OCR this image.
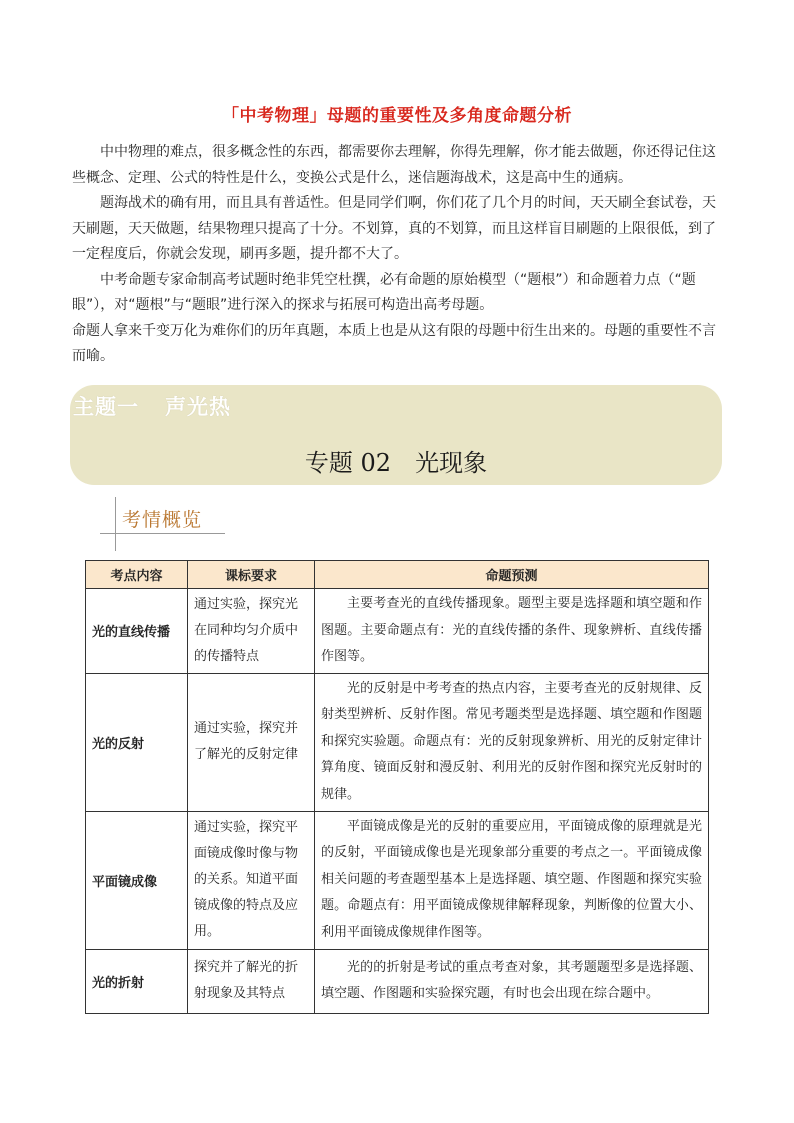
「中考物理」母题的重要性及多角度命题分析

中中物理的难点，很多概念性的东西，都需要你去理解，你得先理解，你才能去做题，你还得记住这些概念、定理、公式的特性是什么，变换公式是什么，迷信题海战术，这是高中生的通病。

题海战术的确有用，而且具有普适性。但是同学们啊，你们花了几个月的时间，天天刷全套试卷，天天刷题，天天做题，结果物理只提高了十分。不划算，真的不划算，而且这样盲目刷题的上限很低，到了一定程度后，你就会发现，刷再多题，提升都不大了。

中考命题专家命制高考试题时绝非凭空杜撰，必有命题的原始模型（“题根”）和命题着力点（“题眼”），对“题根”与“题眼”进行深入的探求与拓展可构造出高考母题。

命题人拿来千变万化为难你们的历年真题，本质上也是从这有限的母题中衍生出来的。母题的重要性不言而喻。

主题一 声光热
专题 02　光现象
考情概览
考点内容	课标要求	命题预测
光的直线传播	通过实验，探究光在同种均匀介质中的传播特点	主要考查光的直线传播现象。题型主要是选择题和填空题和作图题。主要命题点有：光的直线传播的条件、现象辨析、直线传播作图等。
光的反射	通过实验，探究并了解光的反射定律	光的反射是中考考查的热点内容，主要考查光的反射规律、反射类型辨析、反射作图。常见考题类型是选择题、填空题和作图题和探究实验题。命题点有：光的反射现象辨析、用光的反射定律计算角度、镜面反射和漫反射、利用光的反射作图和探究光反射时的规律。
平面镜成像	通过实验，探究平面镜成像时像与物的关系。知道平面镜成像的特点及应用。	平面镜成像是光的反射的重要应用，平面镜成像的原理就是光的反射，平面镜成像也是光现象部分重要的考点之一。平面镜成像相关问题的考查题型基本上是选择题、填空题、作图题和探究实验题。命题点有：用平面镜成像规律解释现象，判断像的位置大小、利用平面镜成像规律作图等。
光的折射	探究并了解光的折射现象及其特点	光的的折射是考试的重点考查对象，其考题题型多是选择题、填空题、作图题和实验探究题，有时也会出现在综合题中。
